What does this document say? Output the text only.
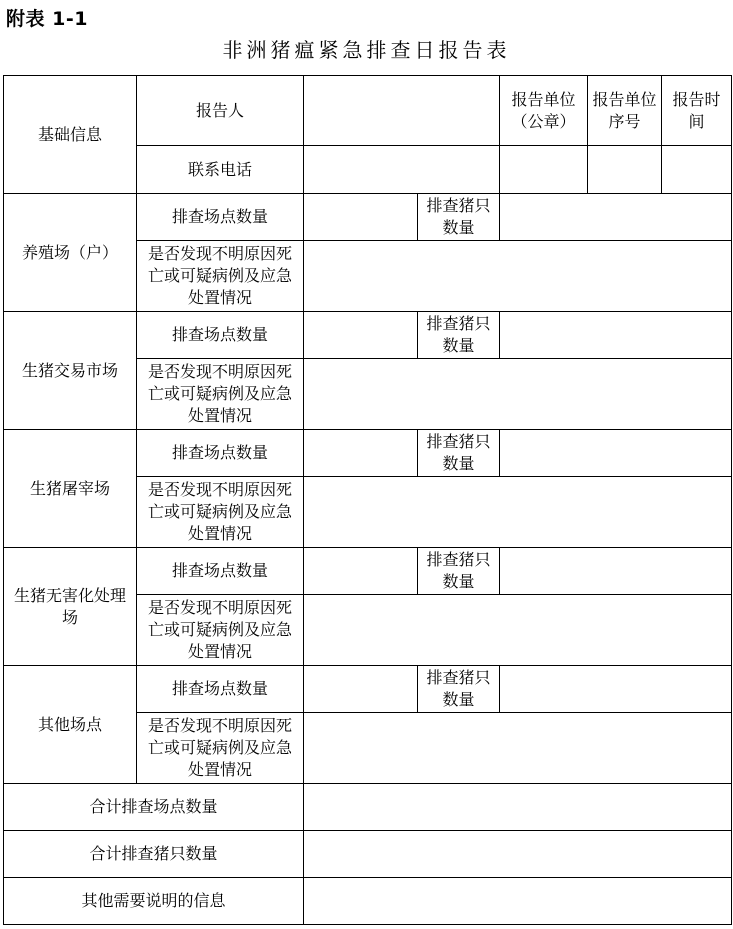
附表 1-1
非洲猪瘟紧急排查日报告表
基础信息	报告人			报告单位（公章）	报告单位序号	报告时间
	联系电话					
养殖场（户）	排查场点数量		排查猪只数量			
	是否发现不明原因死亡或可疑病例及应急处置情况					
生猪交易市场	排查场点数量		排查猪只数量			
	是否发现不明原因死亡或可疑病例及应急处置情况					
生猪屠宰场	排查场点数量		排查猪只数量			
	是否发现不明原因死亡或可疑病例及应急处置情况					
生猪无害化处理场	排查场点数量		排查猪只数量			
	是否发现不明原因死亡或可疑病例及应急处置情况					
其他场点	排查场点数量		排查猪只数量			
	是否发现不明原因死亡或可疑病例及应急处置情况					
合计排查场点数量						
合计排查猪只数量						
其他需要说明的信息						
